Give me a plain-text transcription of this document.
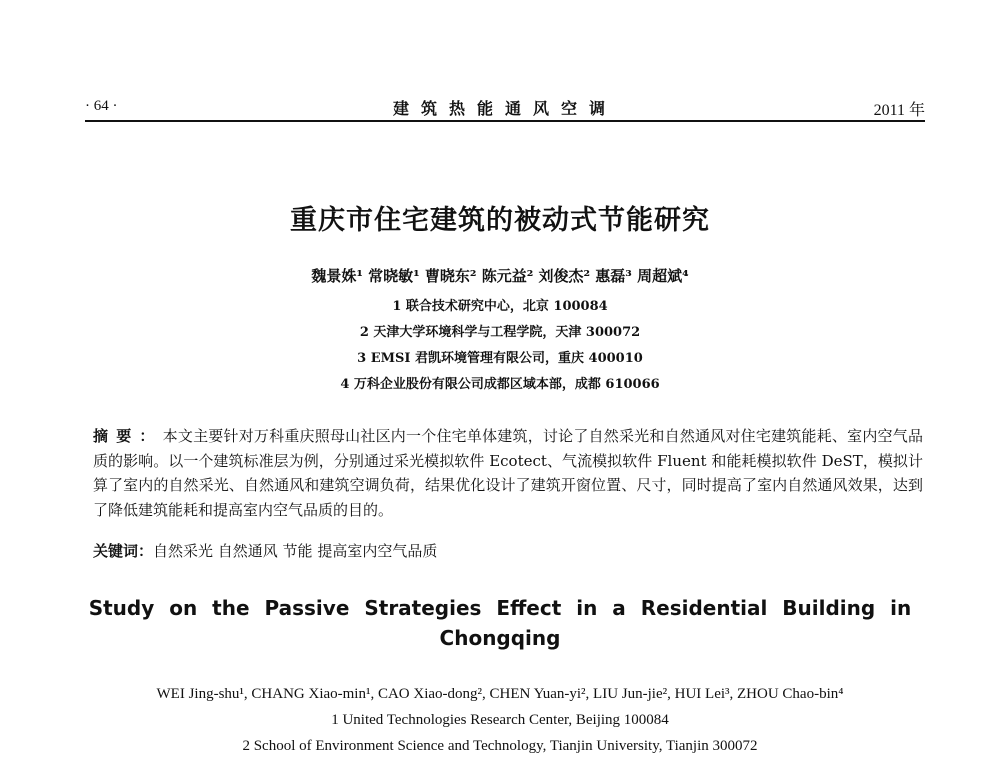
· 64 ·	建筑热能通风空调	2011 年
重庆市住宅建筑的被动式节能研究
魏景姝¹ 常晓敏¹ 曹晓东² 陈元益² 刘俊杰² 惠磊³ 周超斌⁴
1 联合技术研究中心，北京 100084
2 天津大学环境科学与工程学院，天津 300072
3 EMSI 君凯环境管理有限公司，重庆 400010
4 万科企业股份有限公司成都区域本部，成都 610066
摘要：本文主要针对万科重庆照母山社区内一个住宅单体建筑，讨论了自然采光和自然通风对住宅建筑能耗、室内空气品质的影响。以一个建筑标准层为例，分别通过采光模拟软件 Ecotect、气流模拟软件 Fluent 和能耗模拟软件 DeST，模拟计算了室内的自然采光、自然通风和建筑空调负荷，结果优化设计了建筑开窗位置、尺寸，同时提高了室内自然通风效果，达到了降低建筑能耗和提高室内空气品质的目的。
关键词：自然采光 自然通风 节能 提高室内空气品质
Study on the Passive Strategies Effect in a Residential Building in Chongqing
WEI Jing-shu¹, CHANG Xiao-min¹, CAO Xiao-dong², CHEN Yuan-yi², LIU Jun-jie², HUI Lei³, ZHOU Chao-bin⁴
1 United Technologies Research Center, Beijing 100084
2 School of Environment Science and Technology, Tianjin University, Tianjin 300072
